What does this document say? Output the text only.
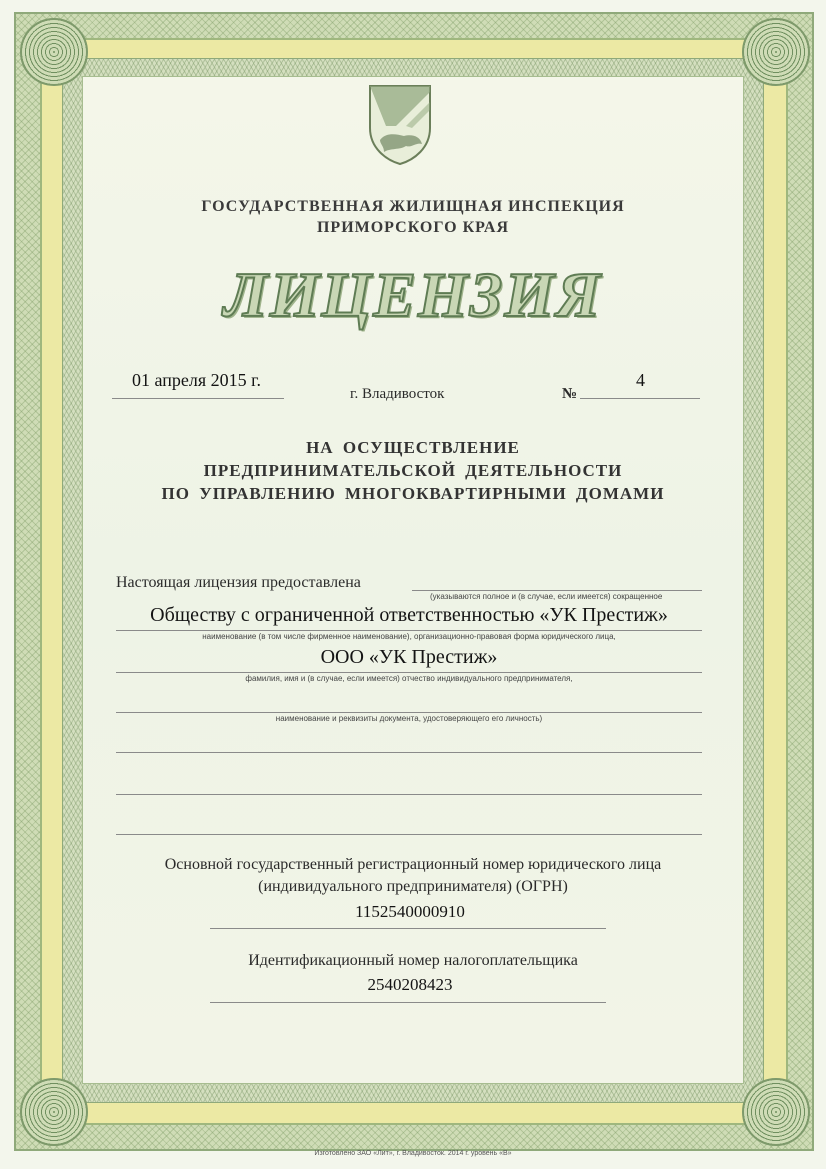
ГОСУДАРСТВЕННАЯ ЖИЛИЩНАЯ ИНСПЕКЦИЯ
ПРИМОРСКОГО КРАЯ
ЛИЦЕНЗИЯ
01 апреля 2015 г.
г. Владивосток	№
4
НА ОСУЩЕСТВЛЕНИЕ
ПРЕДПРИНИМАТЕЛЬСКОЙ ДЕЯТЕЛЬНОСТИ
ПО УПРАВЛЕНИЮ МНОГОКВАРТИРНЫМИ ДОМАМИ
Настоящая лицензия предоставлена
(указываются полное и (в случае, если имеется) сокращенное
Обществу с ограниченной ответственностью «УК Престиж»
наименование (в том числе фирменное наименование), организационно-правовая форма юридического лица,
ООО «УК Престиж»
фамилия, имя и (в случае, если имеется) отчество индивидуального предпринимателя,
наименование и реквизиты документа, удостоверяющего его личность)
Основной государственный регистрационный номер юридического лица
(индивидуального предпринимателя) (ОГРН)
1152540000910
Идентификационный номер налогоплательщика
2540208423
Изготовлено ЗАО «Лит», г. Владивосток. 2014 г. уровень «В»
